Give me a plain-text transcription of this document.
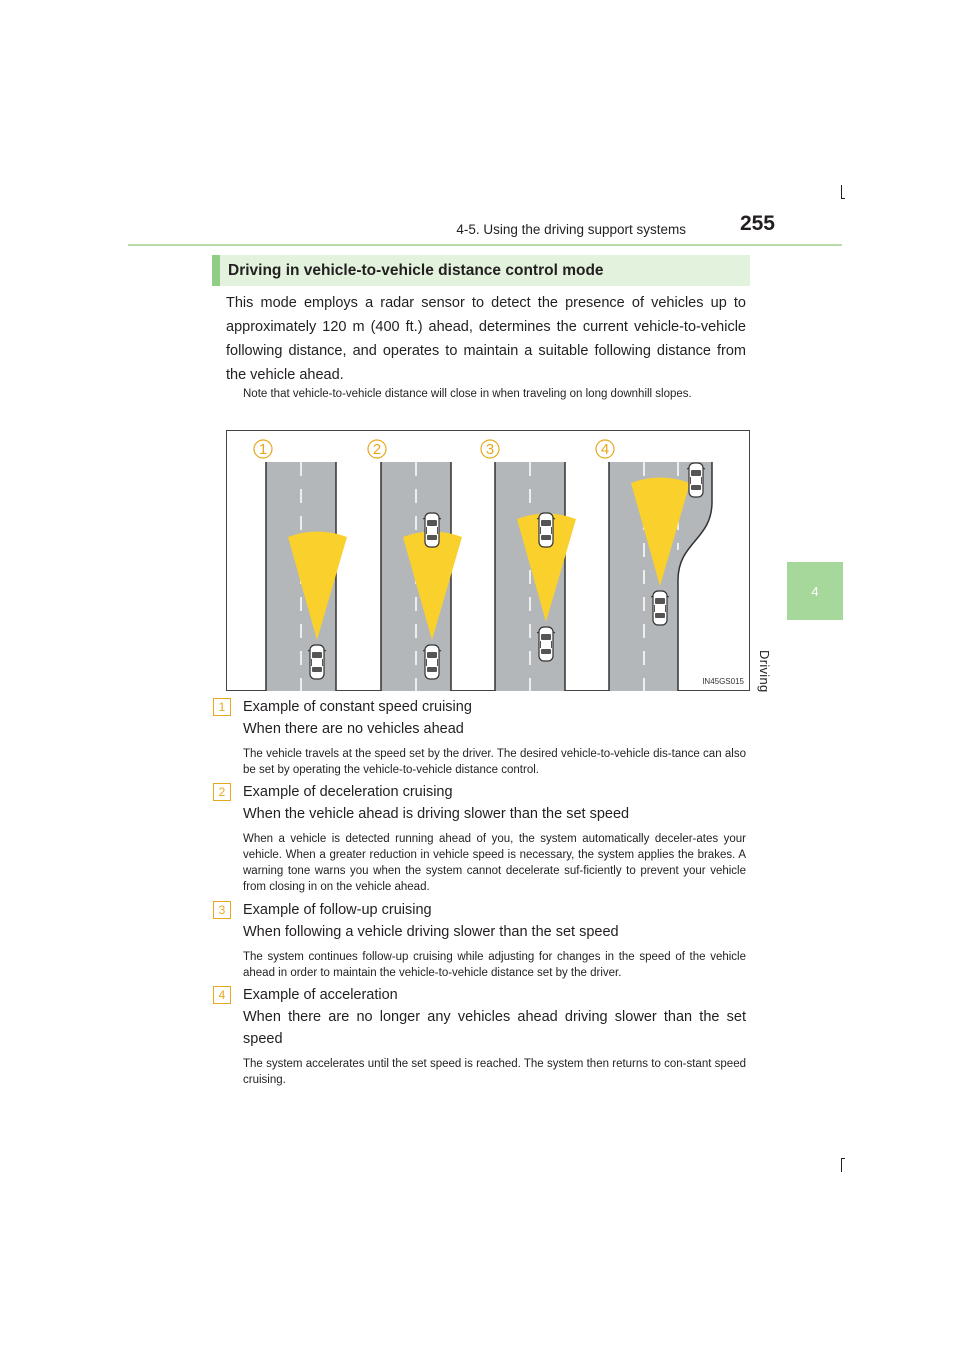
4-5. Using the driving support systems	255
4
Driving
Driving in vehicle-to-vehicle distance control mode
This mode employs a radar sensor to detect the presence of vehicles up to approximately 120 m (400 ft.) ahead, determines the current vehicle-to-vehicle following distance, and operates to maintain a suitable following distance from the vehicle ahead.
Note that vehicle-to-vehicle distance will close in when traveling on long downhill slopes.
1	2	3	4
IN45GS015
1	Example of constant speed cruising
When there are no vehicles ahead
The vehicle travels at the speed set by the driver. The desired vehicle-to-vehicle dis-tance can also be set by operating the vehicle-to-vehicle distance control.
2	Example of deceleration cruising
When the vehicle ahead is driving slower than the set speed
When a vehicle is detected running ahead of you, the system automatically deceler-ates your vehicle. When a greater reduction in vehicle speed is necessary, the system applies the brakes. A warning tone warns you when the system cannot decelerate suf-ficiently to prevent your vehicle from closing in on the vehicle ahead.
3	Example of follow-up cruising
When following a vehicle driving slower than the set speed
The system continues follow-up cruising while adjusting for changes in the speed of the vehicle ahead in order to maintain the vehicle-to-vehicle distance set by the driver.
4	Example of acceleration
When there are no longer any vehicles ahead driving slower than the set speed
The system accelerates until the set speed is reached. The system then returns to con-stant speed cruising.
